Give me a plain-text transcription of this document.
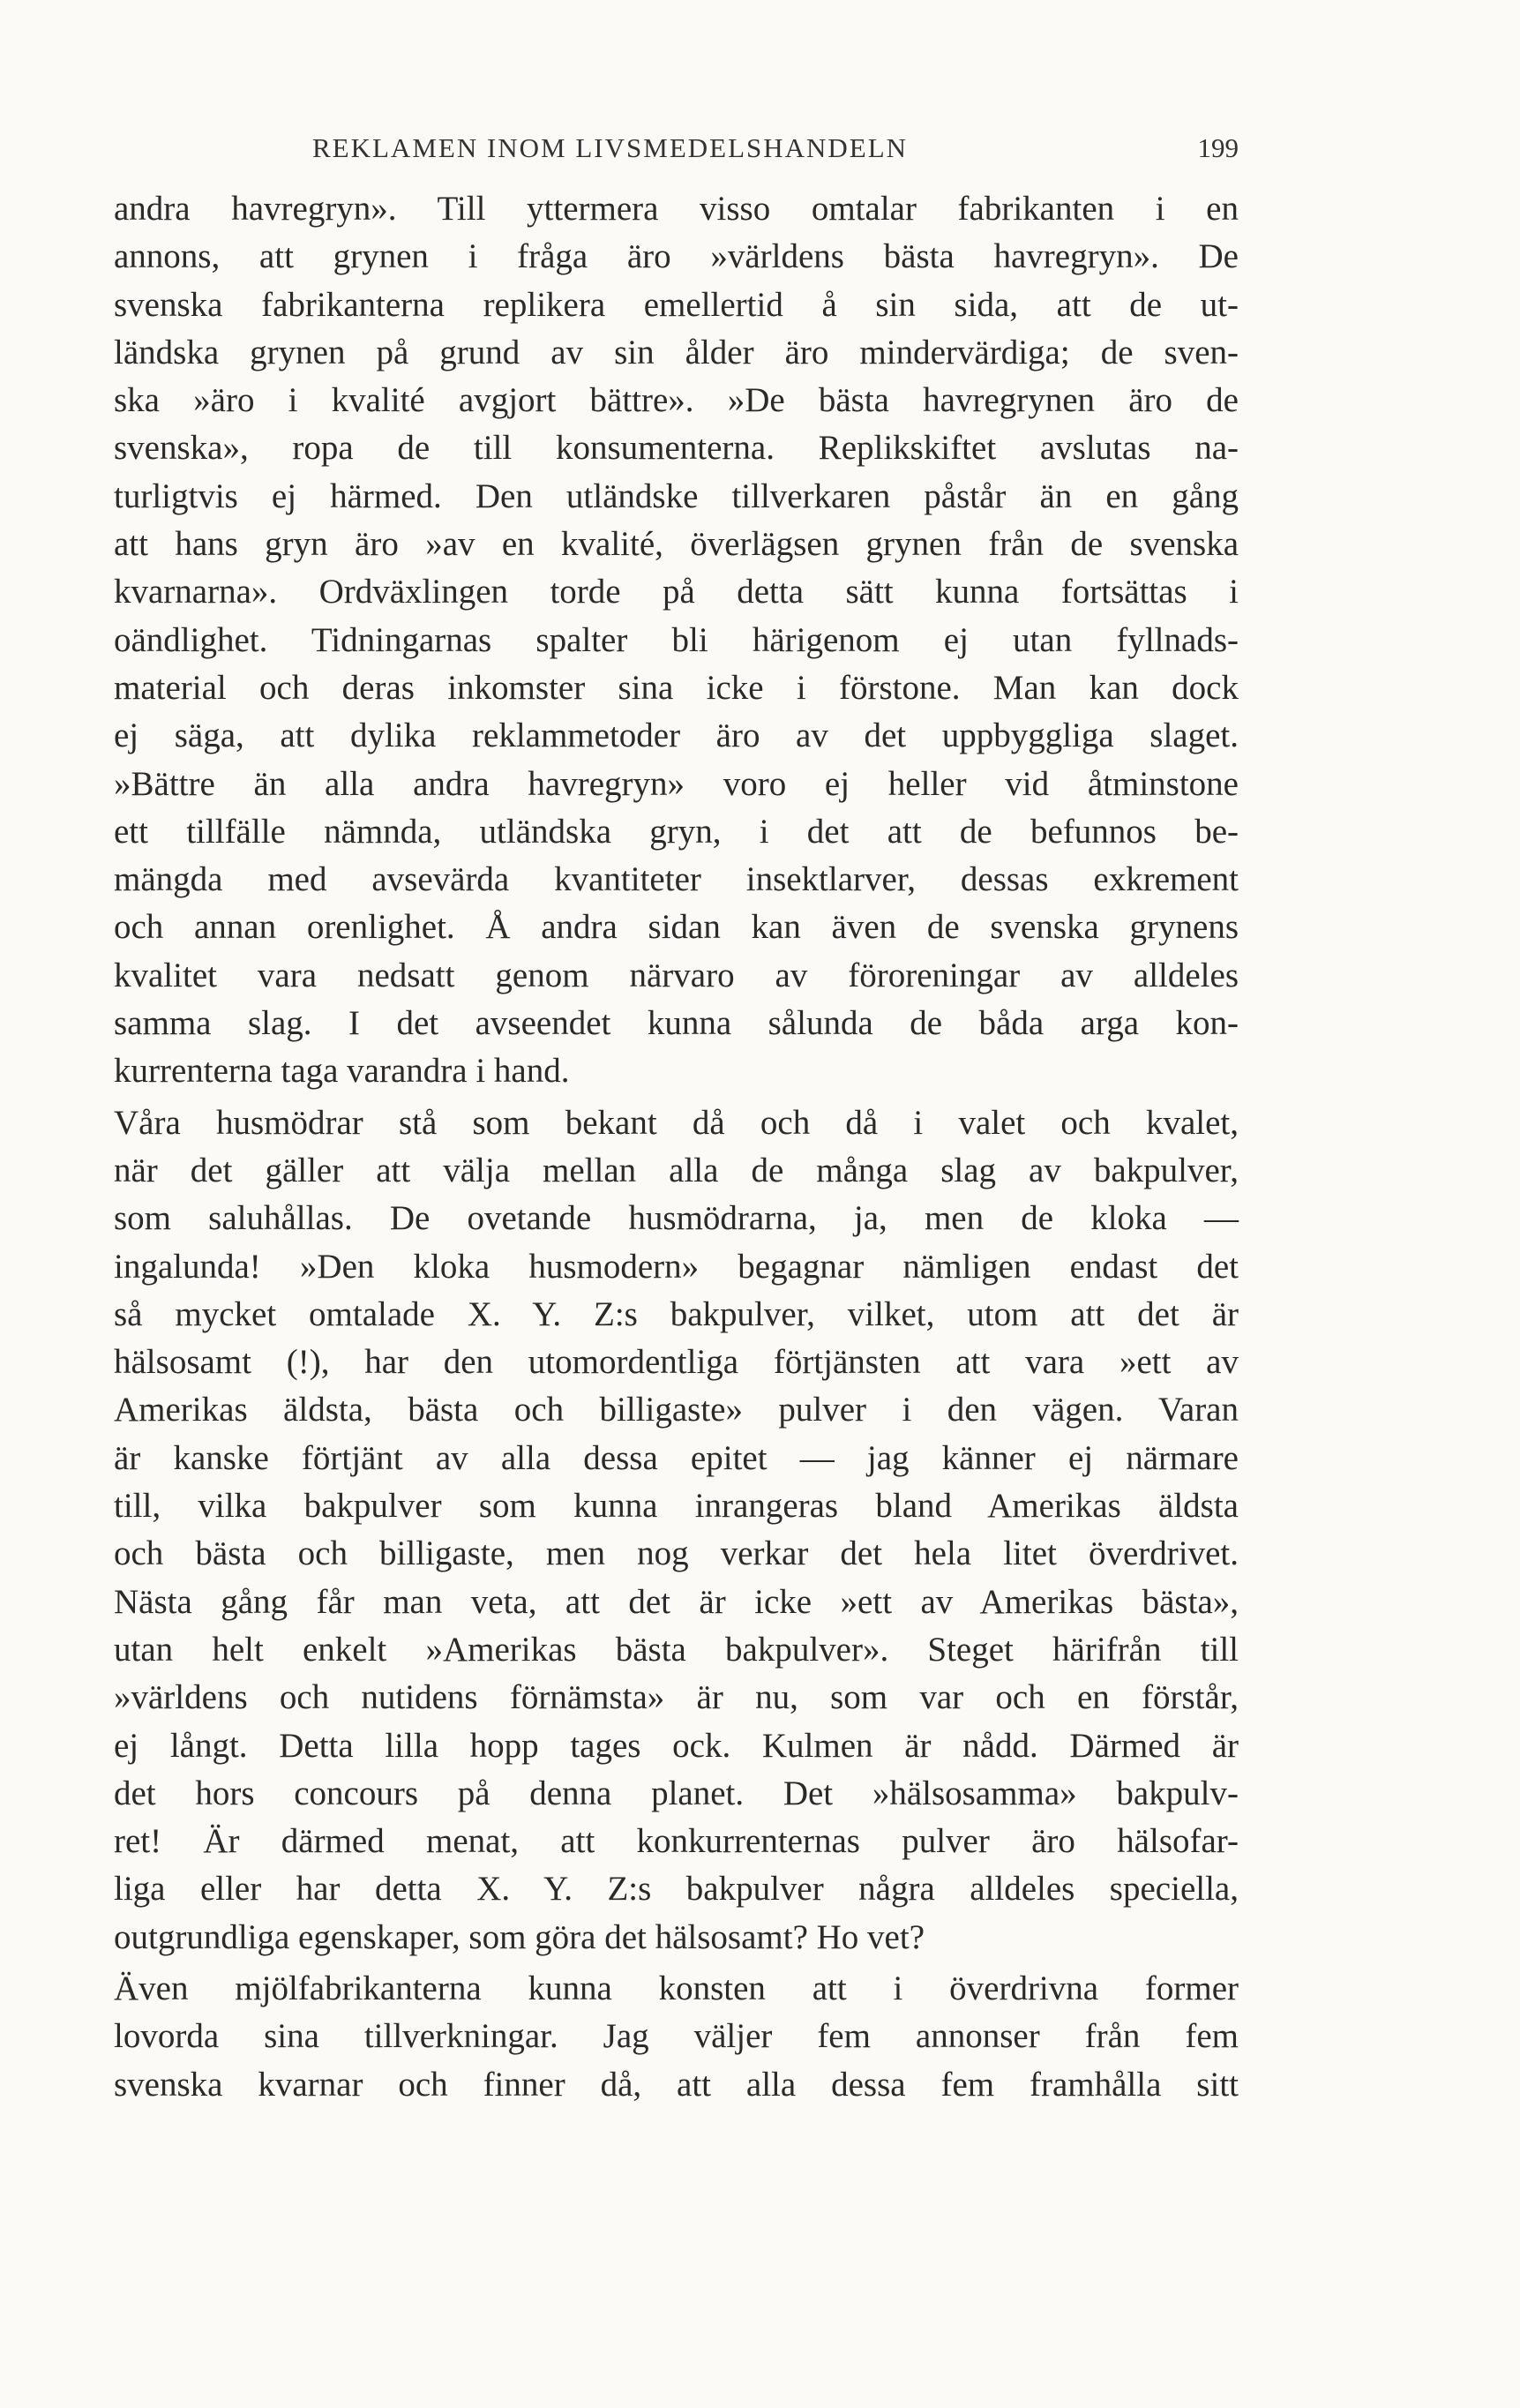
REKLAMEN INOM LIVSMEDELSHANDELN	199
andra havregryn». Till yttermera visso omtalar fabrikanten i en
annons, att grynen i fråga äro »världens bästa havregryn». De
svenska fabrikanterna replikera emellertid å sin sida, att de ut-
ländska grynen på grund av sin ålder äro mindervärdiga; de sven-
ska »äro i kvalité avgjort bättre». »De bästa havregrynen äro de
svenska», ropa de till konsumenterna. Replikskiftet avslutas na-
turligtvis ej härmed. Den utländske tillverkaren påstår än en gång
att hans gryn äro »av en kvalité, överlägsen grynen från de svenska
kvarnarna». Ordväxlingen torde på detta sätt kunna fortsättas i
oändlighet. Tidningarnas spalter bli härigenom ej utan fyllnads-
material och deras inkomster sina icke i förstone. Man kan dock
ej säga, att dylika reklammetoder äro av det uppbyggliga slaget.
»Bättre än alla andra havregryn» voro ej heller vid åtminstone
ett tillfälle nämnda, utländska gryn, i det att de befunnos be-
mängda med avsevärda kvantiteter insektlarver, dessas exkrement
och annan orenlighet. Å andra sidan kan även de svenska grynens
kvalitet vara nedsatt genom närvaro av föroreningar av alldeles
samma slag. I det avseendet kunna sålunda de båda arga kon-
kurrenterna taga varandra i hand.
Våra husmödrar stå som bekant då och då i valet och kvalet,
när det gäller att välja mellan alla de många slag av bakpulver,
som saluhållas. De ovetande husmödrarna, ja, men de kloka —
ingalunda! »Den kloka husmodern» begagnar nämligen endast det
så mycket omtalade X. Y. Z:s bakpulver, vilket, utom att det är
hälsosamt (!), har den utomordentliga förtjänsten att vara »ett av
Amerikas äldsta, bästa och billigaste» pulver i den vägen. Varan
är kanske förtjänt av alla dessa epitet — jag känner ej närmare
till, vilka bakpulver som kunna inrangeras bland Amerikas äldsta
och bästa och billigaste, men nog verkar det hela litet överdrivet.
Nästa gång får man veta, att det är icke »ett av Amerikas bästa»,
utan helt enkelt »Amerikas bästa bakpulver». Steget härifrån till
»världens och nutidens förnämsta» är nu, som var och en förstår,
ej långt. Detta lilla hopp tages ock. Kulmen är nådd. Därmed är
det hors concours på denna planet. Det »hälsosamma» bakpulv-
ret! Är därmed menat, att konkurrenternas pulver äro hälsofar-
liga eller har detta X. Y. Z:s bakpulver några alldeles speciella,
outgrundliga egenskaper, som göra det hälsosamt? Ho vet?
Även mjölfabrikanterna kunna konsten att i överdrivna former
lovorda sina tillverkningar. Jag väljer fem annonser från fem
svenska kvarnar och finner då, att alla dessa fem framhålla sitt
